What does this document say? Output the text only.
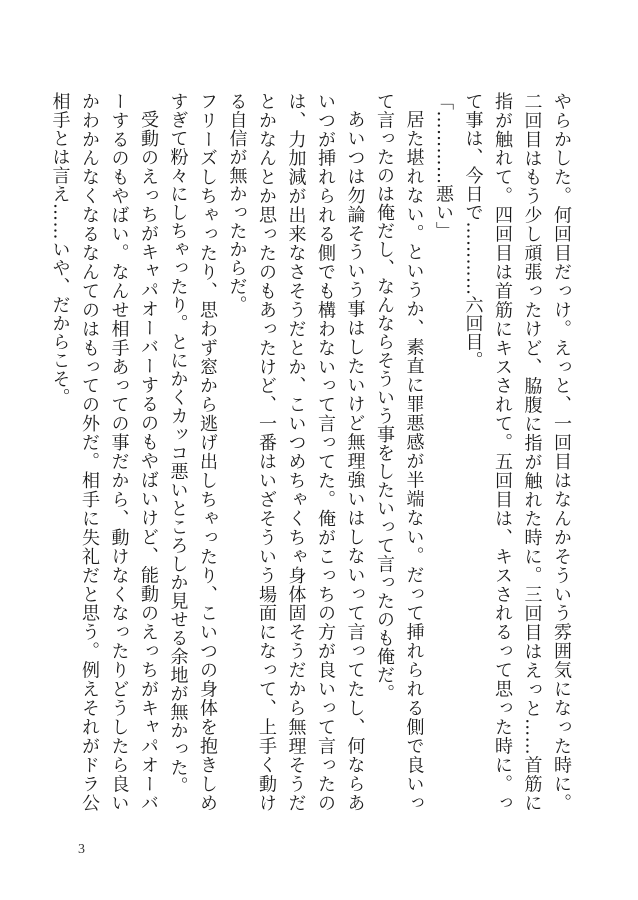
やらかした。何回目だっけ。えっと、一回目はなんかそういう雰囲気になった時に。二回目はもう少し頑張ったけど、脇腹に指が触れた時に。三回目はえっと……首筋に指が触れて。四回目は首筋にキスされて。五回目は、キスされるって思った時に。って事は、今日で…………六回目。

「…………悪い」

居た堪れない。というか、素直に罪悪感が半端ない。だって挿れられる側で良いって言ったのは俺だし、なんならそういう事をしたいって言ったのも俺だ。

あいつは勿論そういう事はしたいけど無理強いはしないって言ってたし、何ならあいつが挿れられる側でも構わないって言ってた。俺がこっちの方が良いって言ったのは、力加減が出来なさそうだとか、こいつめちゃくちゃ身体固そうだから無理そうだとかなんとか思ったのもあったけど、一番はいざそういう場面になって、上手く動ける自信が無かったからだ。

フリーズしちゃったり、思わず窓から逃げ出しちゃったり、こいつの身体を抱きしめすぎて粉々にしちゃったり。とにかくカッコ悪いところしか見せる余地が無かった。

受動のえっちがキャパオーバーするのもやばいけど、能動のえっちがキャパオーバーするのもやばい。なんせ相手あっての事だから、動けなくなったりどうしたら良いかわかんなくなるなんてのはもっての外だ。相手に失礼だと思う。例えそれがドラ公相手とは言え……いや、だからこそ。

3
